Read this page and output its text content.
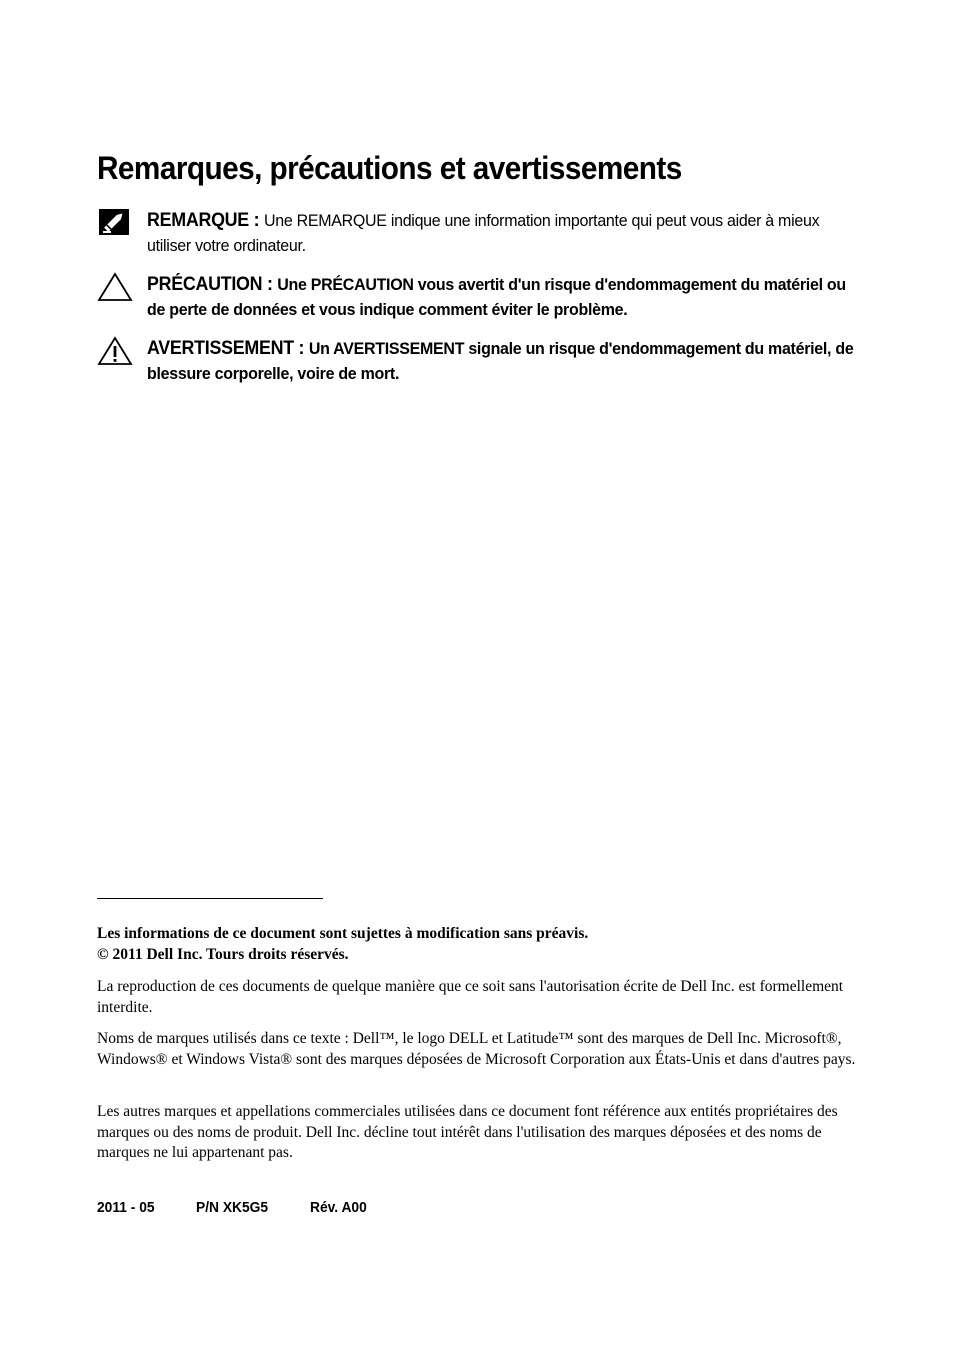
Remarques, précautions et avertissements
REMARQUE : Une REMARQUE indique une information importante qui peut vous aider à mieux utiliser votre ordinateur.
PRÉCAUTION : Une PRÉCAUTION vous avertit d'un risque d'endommagement du matériel ou de perte de données et vous indique comment éviter le problème.
AVERTISSEMENT : Un AVERTISSEMENT signale un risque d'endommagement du matériel, de blessure corporelle, voire de mort.

Les informations de ce document sont sujettes à modification sans préavis.
© 2011 Dell Inc. Tours droits réservés.

La reproduction de ces documents de quelque manière que ce soit sans l'autorisation écrite de Dell Inc. est formellement interdite.

Noms de marques utilisés dans ce texte : Dell™, le logo DELL et Latitude™ sont des marques de Dell Inc. Microsoft®, Windows® et Windows Vista® sont des marques déposées de Microsoft Corporation aux États-Unis et dans d'autres pays.

Les autres marques et appellations commerciales utilisées dans ce document font référence aux entités propriétaires des marques ou des noms de produit. Dell Inc. décline tout intérêt dans l'utilisation des marques déposées et des noms de marques ne lui appartenant pas.

2011 - 05	P/N XK5G5	Rév. A00
